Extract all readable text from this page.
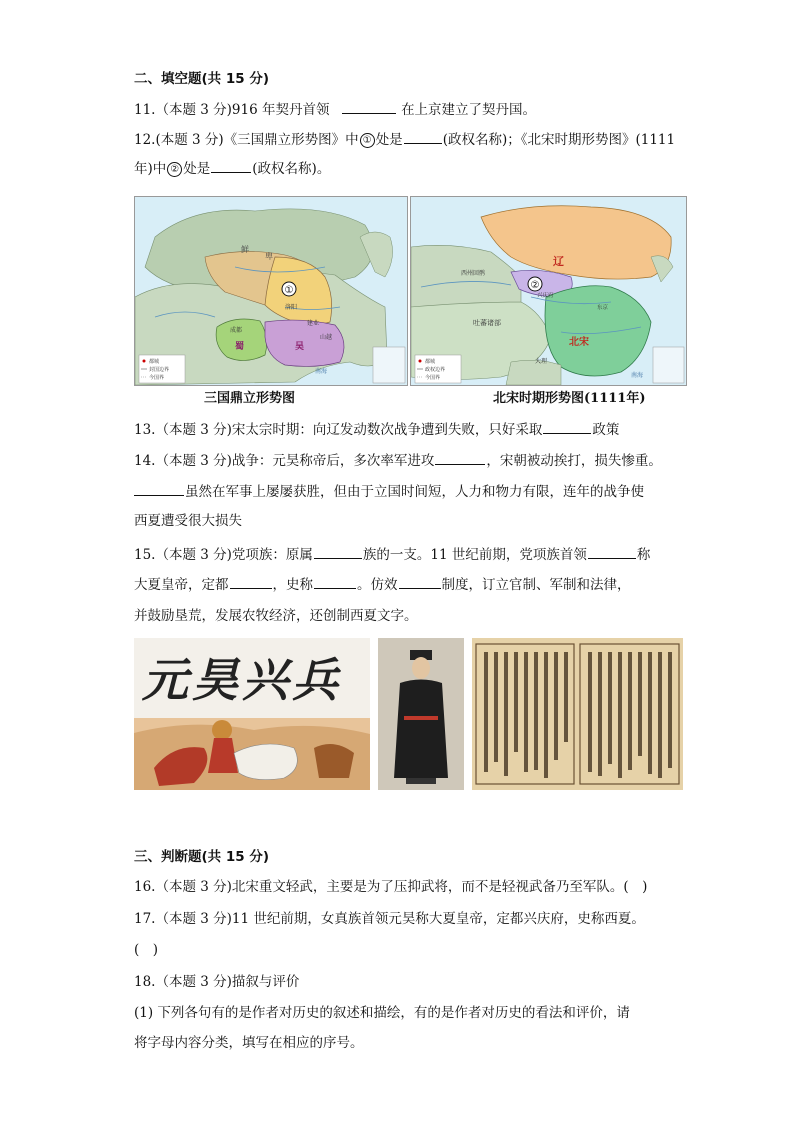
二、填空题(共 15 分)
11.（本题 3 分)916 年契丹首领	在上京建立了契丹国。
12.(本题 3 分)《三国鼎立形势图》中 ① 处是	(政权名称)；《北宋时期形势图》(1111
年)中 ② 处是	(政权名称)。
①
鲜
卑
洛阳
建业
成都
蜀	吴
山越
南海
都城
封国边界
今国界
三国鼎立形势图
②
辽
北宋
兴庆府
西州回鹘
吐蕃诸部
东京
大理
南海
都城
政权边界
今国界
北宋时期形势图(1111年)
13.（本题 3 分)宋太宗时期：向辽发动数次战争遭到失败，只好采取	政策
14.（本题 3 分)战争：元昊称帝后，多次率军进攻	，宋朝被动挨打，损失惨重。
虽然在军事上屡屡获胜，但由于立国时间短，人力和物力有限，连年的战争使
西夏遭受很大损失
15.（本题 3 分)党项族：原属	族的一支。11 世纪前期，党项族首领	称
大夏皇帝，定都	，史称	。仿效	制度，订立官制、军制和法律，
并鼓励垦荒，发展农牧经济，还创制西夏文字。
元昊兴兵
三、判断题(共 15 分)
16.（本题 3 分)北宋重文轻武，主要是为了压抑武将，而不是轻视武备乃至军队。(　)
17.（本题 3 分)11 世纪前期，女真族首领元昊称大夏皇帝，定都兴庆府，史称西夏。
(　)
18.（本题 3 分)描叙与评价
(1) 下列各句有的是作者对历史的叙述和描绘，有的是作者对历史的看法和评价，请
将字母内容分类，填写在相应的序号。
